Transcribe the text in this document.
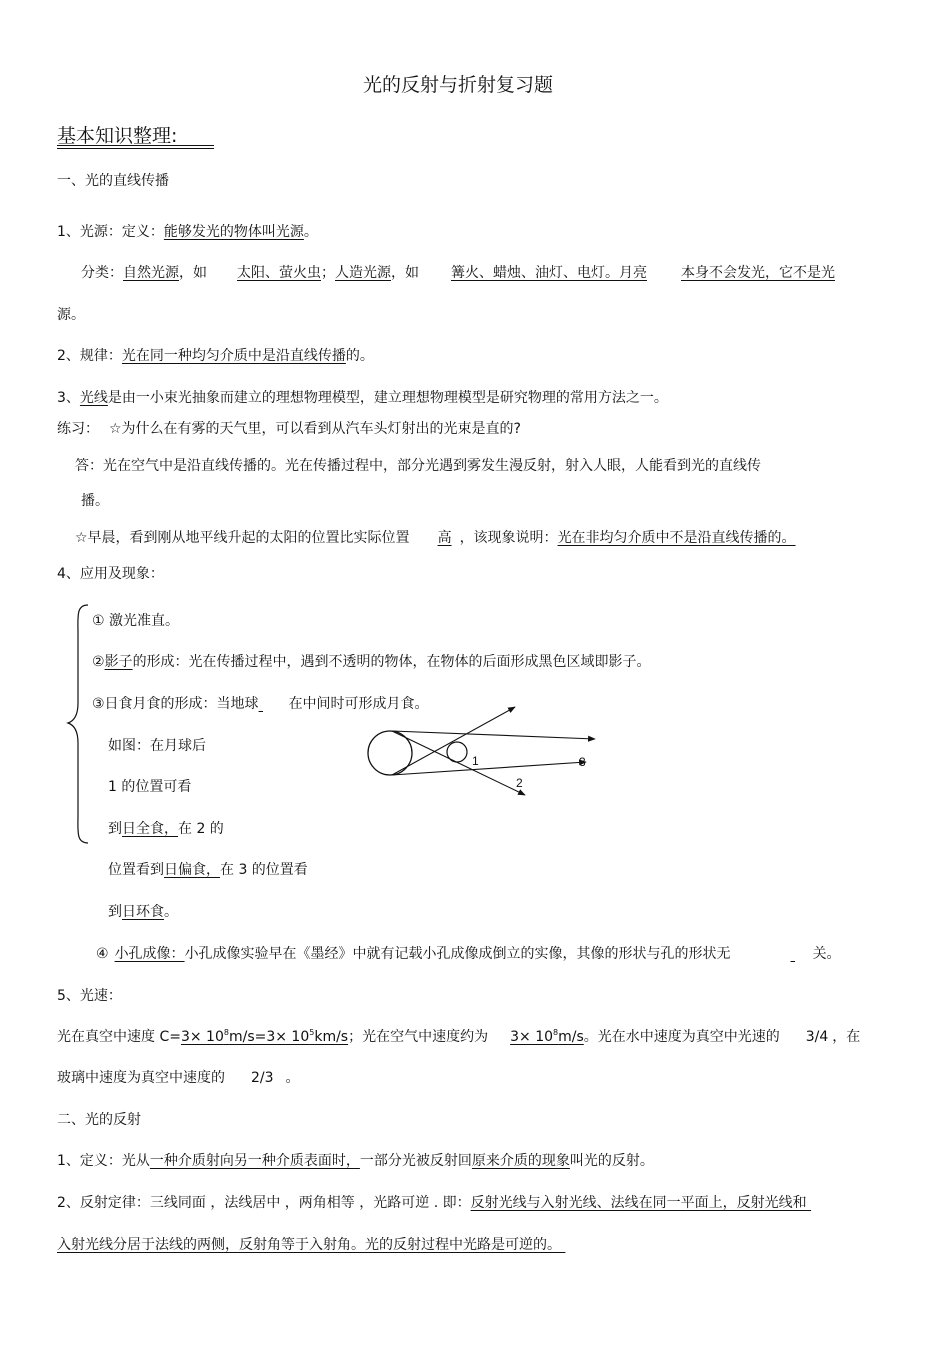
光的反射与折射复习题
基本知识整理:
一、光的直线传播
1、光源：定义：能够发光的物体叫光源。
分类：自然光源，如 太阳、萤火虫；人造光源，如 篝火、蜡烛、油灯、电灯。月亮 本身不会发光，它不是光
源。
2、规律：光在同一种均匀介质中是沿直线传播的。
3、光线是由一小束光抽象而建立的理想物理模型，建立理想物理模型是研究物理的常用方法之一。
练习： ☆为什么在有雾的天气里，可以看到从汽车头灯射出的光束是直的?
答：光在空气中是沿直线传播的。光在传播过程中，部分光遇到雾发生漫反射，射入人眼，人能看到光的直线传
播。
☆早晨，看到刚从地平线升起的太阳的位置比实际位置 高 ，该现象说明：光在非均匀介质中不是沿直线传播的。
4、应用及现象：
① 激光准直。
②影子的形成：光在传播过程中，遇到不透明的物体，在物体的后面形成黑色区域即影子。
③日食月食的形成：当地球 在中间时可形成月食。
如图：在月球后
1 的位置可看
到日全食，在 2 的
位置看到日偏食，在 3 的位置看
到日环食。
1
2
3
④ 小孔成像：小孔成像实验早在《墨经》中就有记载小孔成像成倒立的实像，其像的形状与孔的形状无	关。
5、光速：
光在真空中速度 $C=3\times 10^8m/s=3\times 10^5km/s$；光在空气中速度约为 $3\times 10^8m/s$。光在水中速度为真空中光速的 3/4 ，在
玻璃中速度为真空中速度的 2/3 。
二、光的反射
1、定义：光从一种介质射向另一种介质表面时，一部分光被反射回原来介质的现象叫光的反射。
2、反射定律：三线同面 ，法线居中 ，两角相等 ，光路可逆 . 即：反射光线与入射光线、法线在同一平面上，反射光线和
入射光线分居于法线的两侧，反射角等于入射角。光的反射过程中光路是可逆的。
